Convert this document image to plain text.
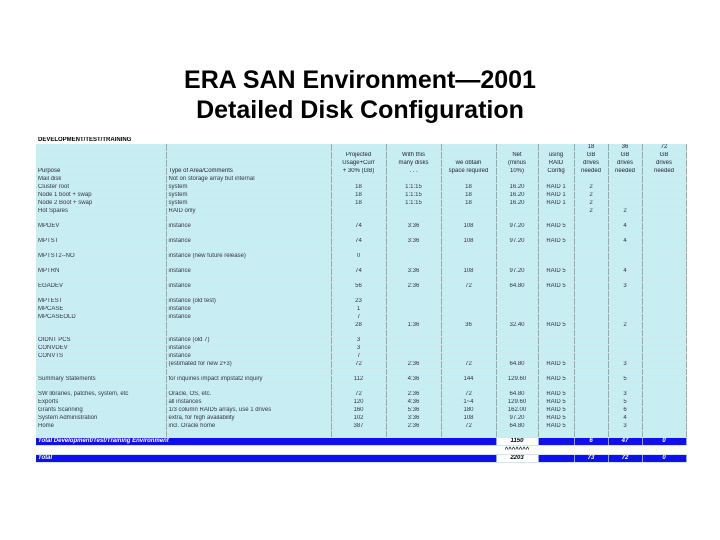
ERA SAN Environment—2001
Detailed Disk Configuration
DEVELOPMENT/TEST/TRAINING									
							18	36	72
		Projected	With this		Net	using	GB	GB	GB
		Usage+Curr	many disks	we obtain	(minus	RAID	drives	drives	drives
Purpose	Type of Area/Comments	+ 30% (GB)	. . .	space required	10%)	Config	needed	needed	needed
Mail disk	Not on storage array but internal								
Cluster root	system	18	1:1:15	18	16.20	RAID 1	2		
Node 1 boot + swap	system	18	1:1:15	18	16.20	RAID 1	2		
Node 2 Boot + swap	system	18	1:1:15	18	16.20	RAID 1	2		
Hot Spares	RAID only						2	2	

MPDEV	instance	74	3:36	108	97.20	RAID 5		4	

MPTST	instance	74	3:36	108	97.20	RAID 5		4	

MPTST2--NO	instance (new future release)	0							

MPTRN	instance	74	3:36	108	97.20	RAID 5		4	

EGADEV	instance	56	2:36	72	64.80	RAID 5		3	

MPTEST	instance (old test)	23							
MPCASE	instance	1							
MPCASEOLD	instance	7							
		28	1:36	36	32.40	RAID 5		2	

OIDNT PCS	instance (old 7)	3							
CONVDEV	instance	3							
CONVTS	instance	7							
	(estimated for new 2+3)	72	2:36	72	64.80	RAID 5		3	

Summary Statements	for inquiries impact impstat2 inquiry	112	4:36	144	129.60	RAID 5		5	

SW libraries, patches, system, etc	Oracle, OS, etc.	72	2:36	72	64.80	RAID 5		3	
Exports	all instances	120	4:36	1~4	129.60	RAID 5		5	
Grants Scanning	1/3 column RAID5 arrays, use 1 drives	160	5:36	180	162.00	RAID 5		6	
System Administration	extra, for high availability	102	3:36	108	97.20	RAID 5		4	
Home	incl. Oracle home	387	2:36	72	64.80	RAID 5		3	

Total Development/Test/Training Environment					1150		6	47	0
					^^^^^^^				
Total					2203		73	72	0
